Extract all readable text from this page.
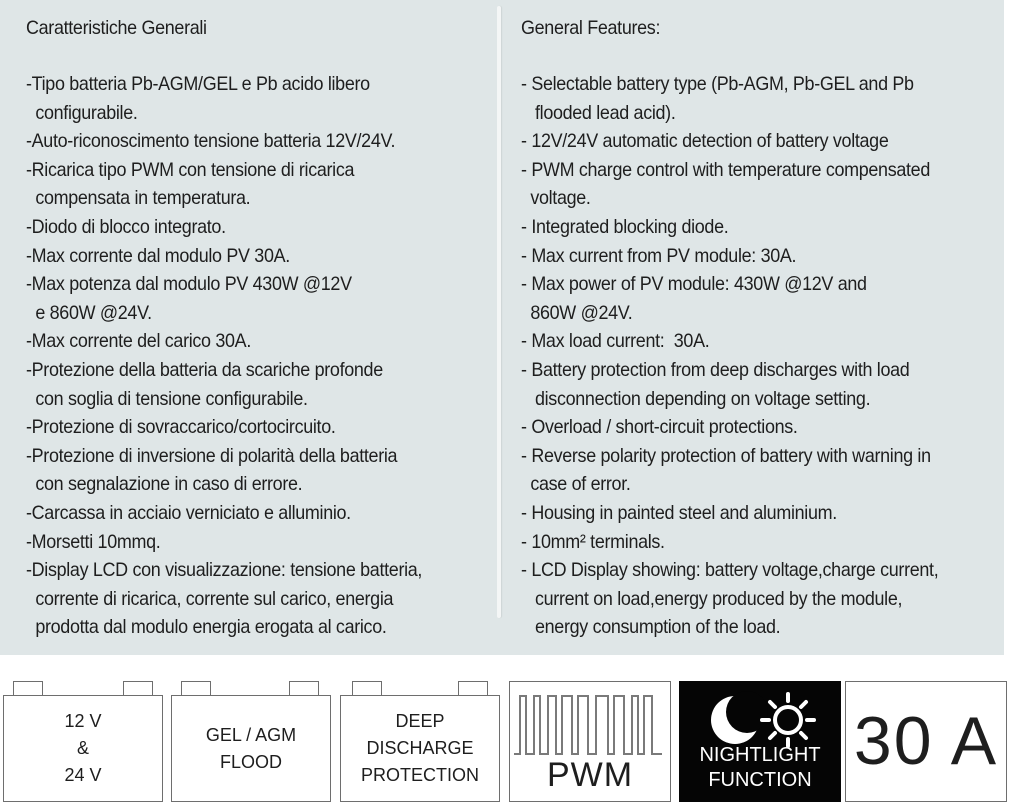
Caratteristiche Generali
-Tipo batteria Pb-AGM/GEL e Pb acido libero
configurabile.
-Auto-riconoscimento tensione batteria 12V/24V.
-Ricarica tipo PWM con tensione di ricarica
compensata in temperatura.
-Diodo di blocco integrato.
-Max corrente dal modulo PV 30A.
-Max potenza dal modulo PV 430W @12V
e 860W @24V.
-Max corrente del carico 30A.
-Protezione della batteria da scariche profonde
con soglia di tensione configurabile.
-Protezione di sovraccarico/cortocircuito.
-Protezione di inversione di polarità della batteria
con segnalazione in caso di errore.
-Carcassa in acciaio verniciato e alluminio.
-Morsetti 10mmq.
-Display LCD con visualizzazione: tensione batteria,
corrente di ricarica, corrente sul carico, energia
prodotta dal modulo energia erogata al carico.
General Features:
- Selectable battery type (Pb-AGM, Pb-GEL and Pb
flooded lead acid).
- 12V/24V automatic detection of battery voltage
- PWM charge control with temperature compensated
voltage.
- Integrated blocking diode.
- Max current from PV module: 30A.
- Max power of PV module: 430W @12V and
860W @24V.
- Max load current:  30A.
- Battery protection from deep discharges with load
disconnection depending on voltage setting.
- Overload / short-circuit protections.
- Reverse polarity protection of battery with warning in
case of error.
- Housing in painted steel and aluminium.
- 10mm² terminals.
- LCD Display showing: battery voltage,charge current,
current on load,energy produced by the module,
energy consumption of the load.
12 V
&
24 V
GEL / AGM
FLOOD
DEEP
DISCHARGE
PROTECTION	PWM
NIGHTLIGHT
FUNCTION
30 A
